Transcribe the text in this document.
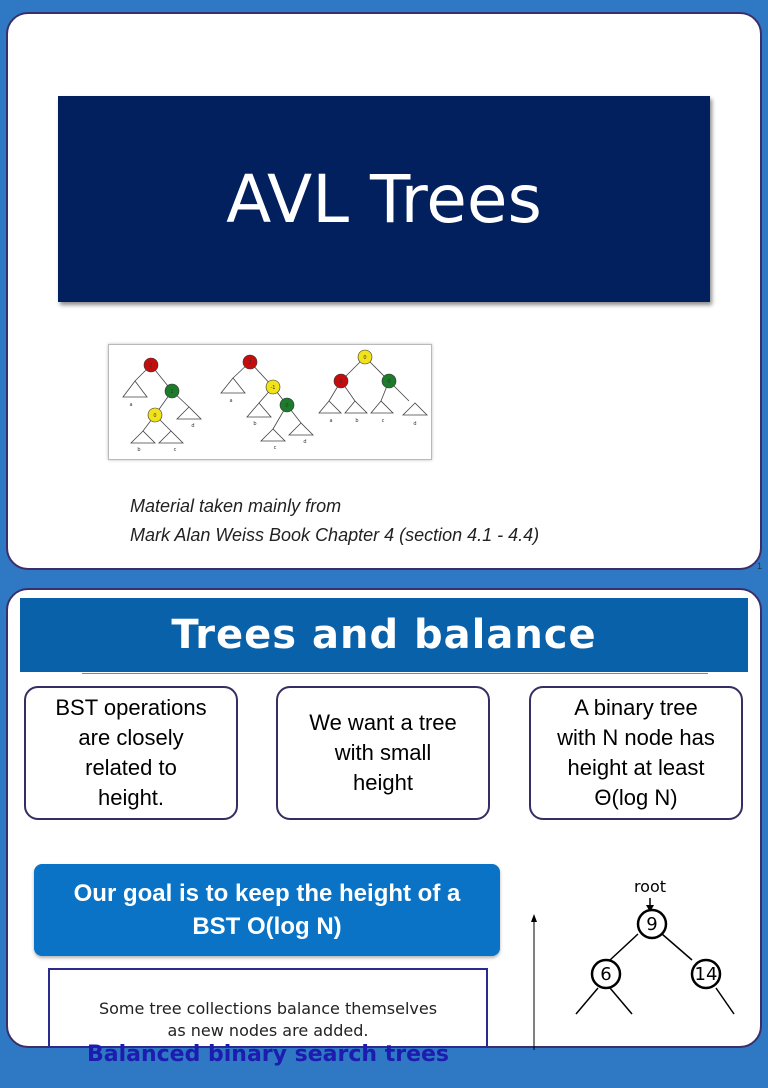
AVL Trees
2
1
0
2
-1
0
0
0	0
a
b	c
d
a
b
c
d
a	b	c	d
Material taken mainly from
Mark Alan Weiss Book Chapter 4 (section 4.1 - 4.4)
1
Trees and balance
BST operations
are closely
related to
height.
We want a tree
with small
height
A binary tree
with N node has
height at least
Θ(log N)
Our goal is to keep the height of a
BST O(log N)

Some tree collections balance themselves
as new nodes are added.

Balanced binary search trees

root
9
6	14
